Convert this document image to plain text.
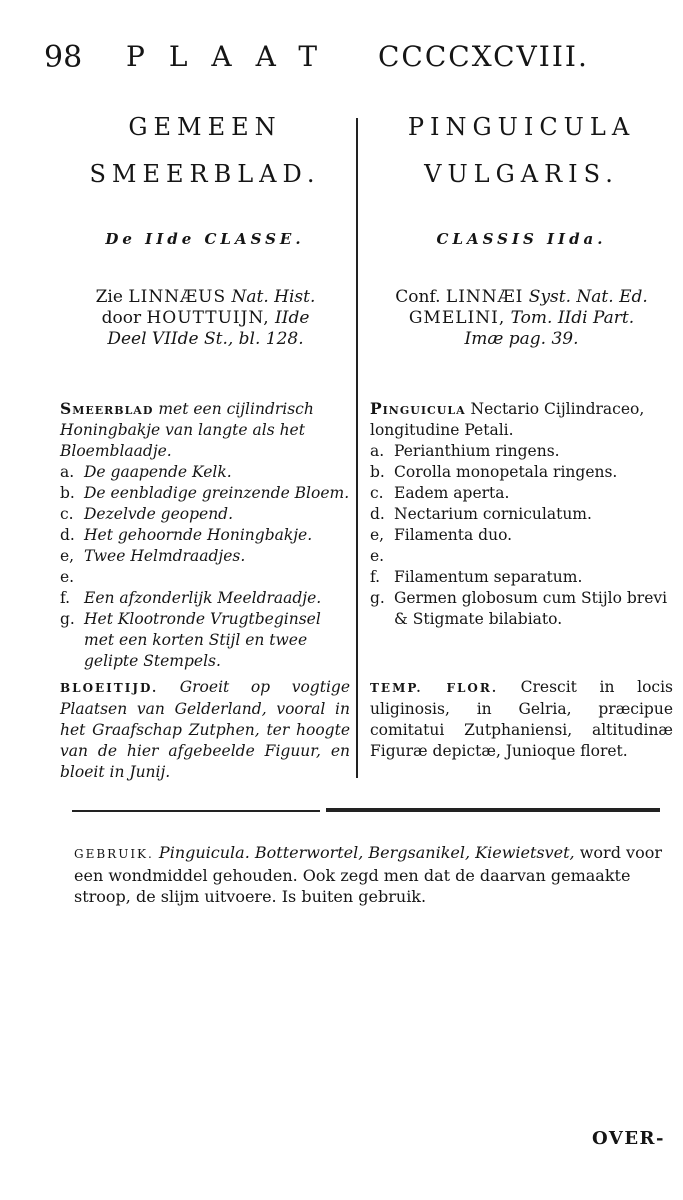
98 PLAAT CCCCXCVIII.
GEMEEN
SMEERBLAD.
De IIde CLASSE.
Zie LINNÆUS Nat. Hist.
door HOUTTUIJN, IIde
Deel VIIde St., bl. 128.
Smeerblad met een cijlindrisch Honingbakje van langte als het Bloemblaadje.
a. De gaapende Kelk.
b. De eenbladige greinzende Bloem.
c. Dezelvde geopend.
d. Het gehoornde Honingbakje.
e, e.
Twee Helmdraadjes.
f. Een afzonderlijk Meeldraadje.
g. Het Klootronde Vrugtbeginsel met een korten Stijl en twee gelipte Stempels.
BLOEITIJD. Groeit op vogtige Plaatsen van Gelderland, vooral in het Graafschap Zutphen, ter hoogte van de hier afgebeelde Figuur, en bloeit in Junij.
PINGUICULA
VULGARIS.
CLASSIS IIda.
Conf. LINNÆI Syst. Nat. Ed.
GMELINI, Tom. IIdi Part.
Imæ pag. 39.
Pinguicula Nectario Cijlindraceo, longitudine Petali.
a. Perianthium ringens.
b. Corolla monopetala ringens.
c. Eadem aperta.
d. Nectarium corniculatum.
e, e.
Filamenta duo.
f. Filamentum separatum.
g. Germen globosum cum Stijlo brevi & Stigmate bilabiato.
TEMP. FLOR. Crescit in locis uliginosis, in Gelria, præcipue comitatui Zutphaniensi, altitudinæ Figuræ depictæ, Junioque floret.
GEBRUIK. Pinguicula. Botterwortel, Bergsanikel, Kiewietsvet, word voor een wondmiddel gehouden. Ook zegd men dat de daarvan gemaakte stroop, de slijm uitvoere. Is buiten gebruik.
OVER-
